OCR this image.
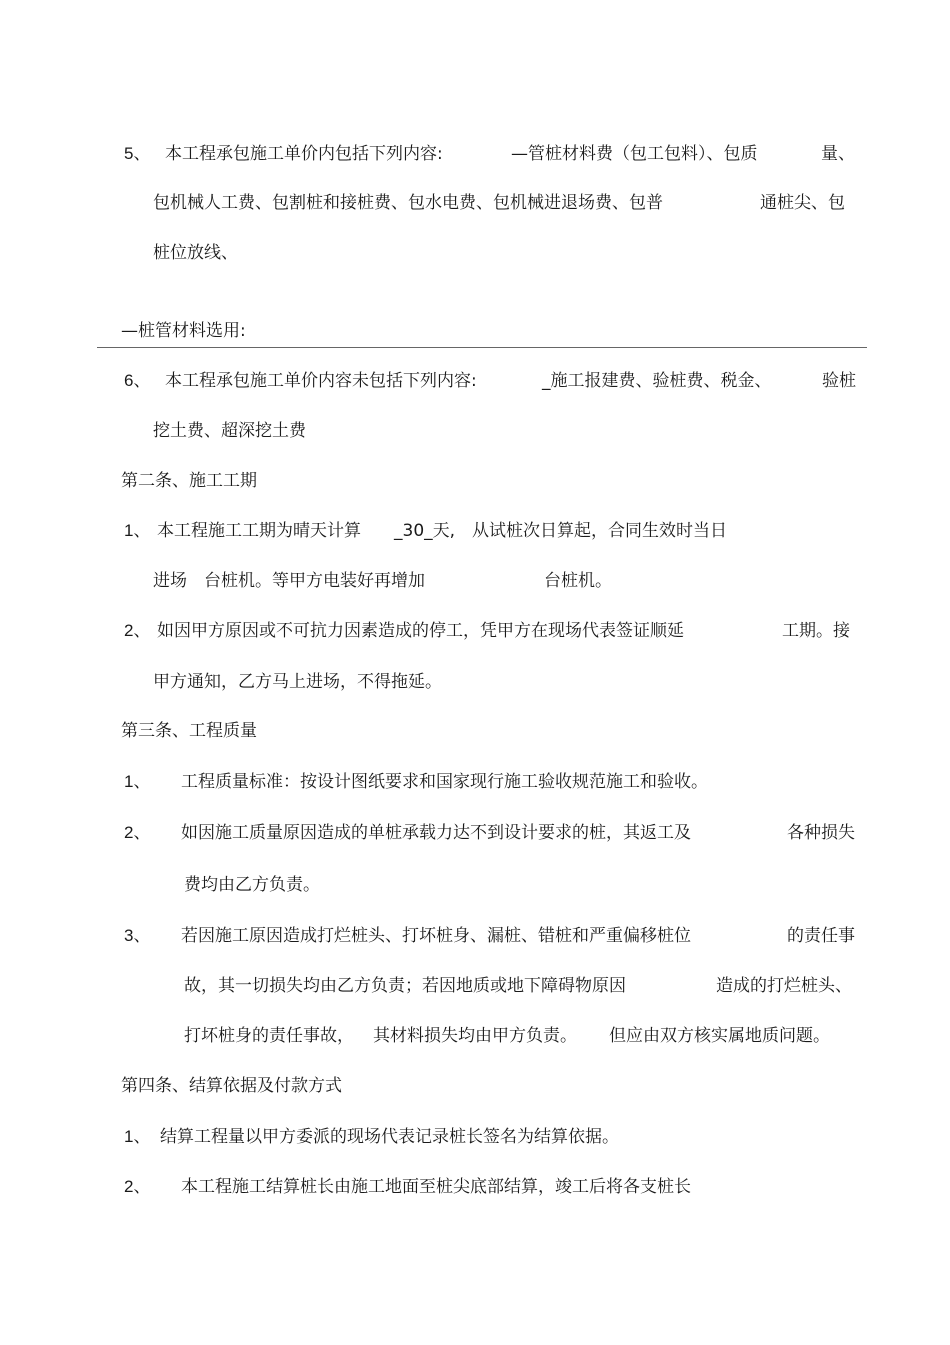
5、 本工程承包施工单价内包括下列内容:	—管桩材料费（包工包料）、包质	量、
包机械人工费、包割桩和接桩费、包水电费、包机械进退场费、包普	通桩尖、包
桩位放线、
—桩管材料选用:
6、 本工程承包施工单价内容未包括下列内容:	_施工报建费、验桩费、税金、	验桩
挖土费、超深挖土费
第二条、施工工期
1、 本工程施工工期为晴天计算 _30_天, 从试桩次日算起，合同生效时当日
进场 台桩机。等甲方电装好再增加	台桩机。
2、 如因甲方原因或不可抗力因素造成的停工，凭甲方在现场代表签证顺延	工期。接
甲方通知，乙方马上进场，不得拖延。
第三条、工程质量
1、 工程质量标准：按设计图纸要求和国家现行施工验收规范施工和验收。
2、 如因施工质量原因造成的单桩承载力达不到设计要求的桩，其返工及	各种损失
费均由乙方负责。
3、 若因施工原因造成打烂桩头、打坏桩身、漏桩、错桩和严重偏移桩位	的责任事
故，其一切损失均由乙方负责；若因地质或地下障碍物原因	造成的打烂桩头、
打坏桩身的责任事故， 其材料损失均由甲方负责。 但应由双方核实属地质问题。
第四条、结算依据及付款方式
1、 结算工程量以甲方委派的现场代表记录桩长签名为结算依据。
2、 本工程施工结算桩长由施工地面至桩尖底部结算，竣工后将各支桩长
